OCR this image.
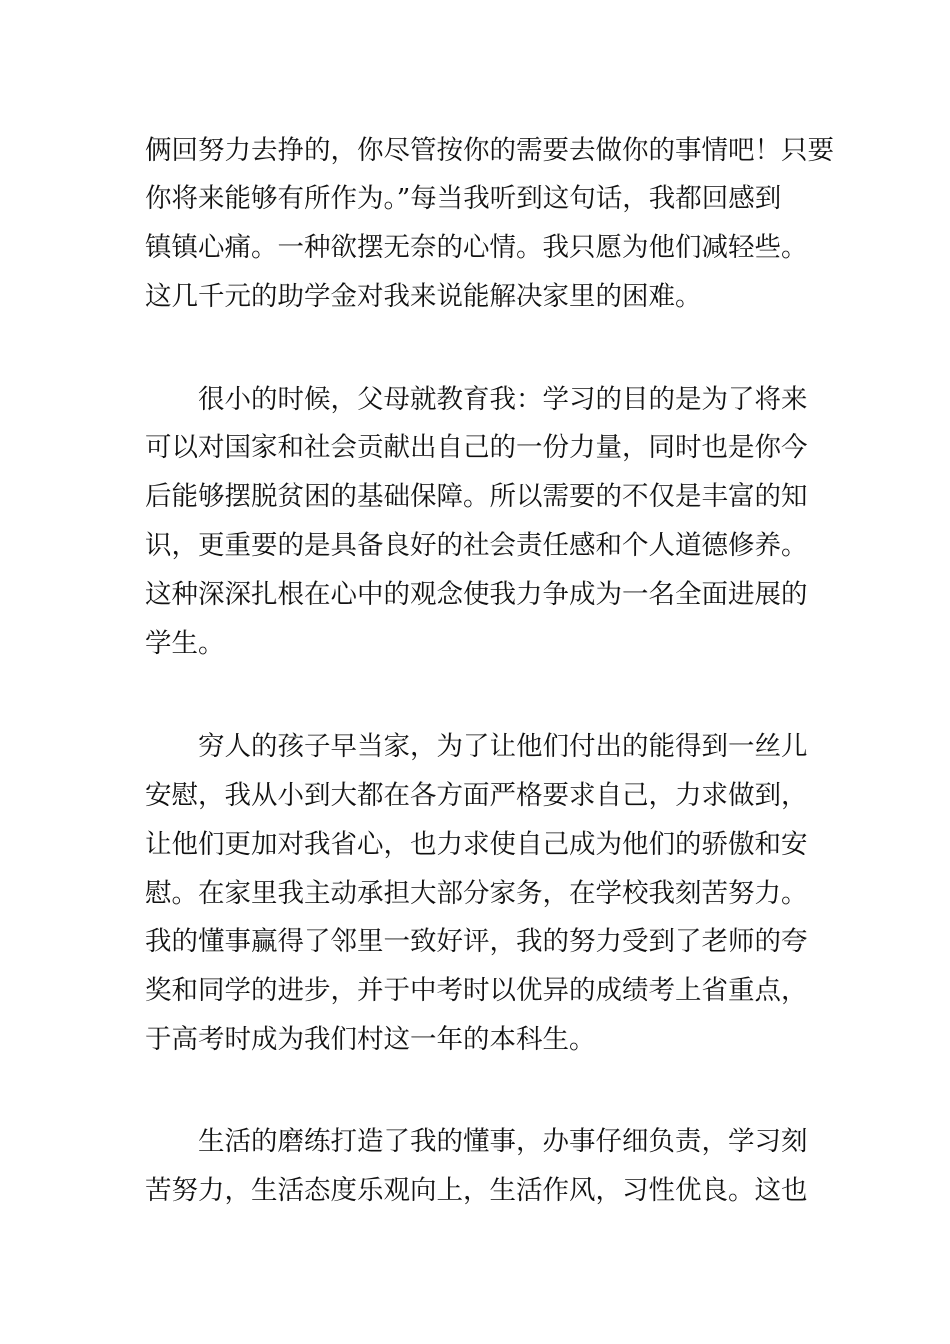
俩回努力去挣的，你尽管按你的需要去做你的事情吧！只要
你将来能够有所作为。”每当我听到这句话，我都回感到
镇镇心痛。一种欲摆无奈的心情。我只愿为他们减轻些。
这几千元的助学金对我来说能解决家里的困难。
很小的时候，父母就教育我：学习的目的是为了将来
可以对国家和社会贡献出自己的一份力量，同时也是你今
后能够摆脱贫困的基础保障。所以需要的不仅是丰富的知
识，更重要的是具备良好的社会责任感和个人道德修养。
这种深深扎根在心中的观念使我力争成为一名全面进展的
学生。
穷人的孩子早当家，为了让他们付出的能得到一丝儿
安慰，我从小到大都在各方面严格要求自己，力求做到，
让他们更加对我省心，也力求使自己成为他们的骄傲和安
慰。在家里我主动承担大部分家务，在学校我刻苦努力。
我的懂事赢得了邻里一致好评，我的努力受到了老师的夸
奖和同学的进步，并于中考时以优异的成绩考上省重点，
于高考时成为我们村这一年的本科生。
生活的磨练打造了我的懂事，办事仔细负责，学习刻
苦努力，生活态度乐观向上，生活作风，习性优良。这也
